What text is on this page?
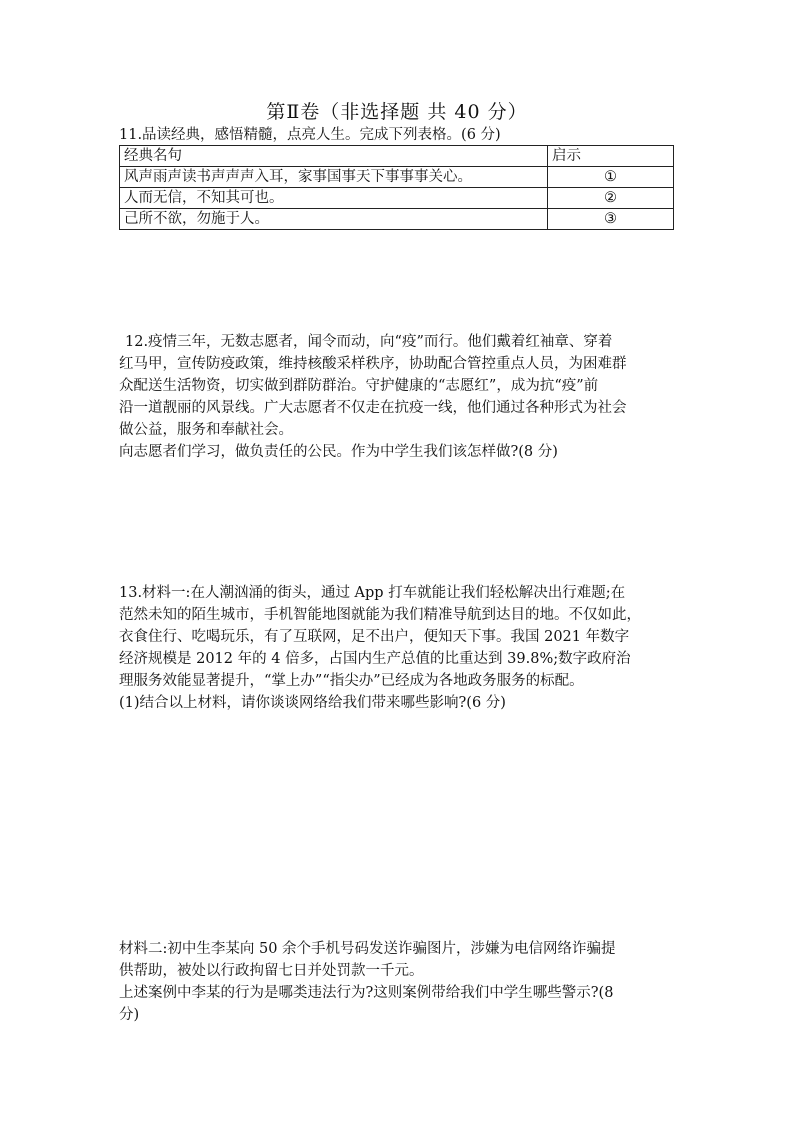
第Ⅱ卷（非选择题 共 40 分）
11.品读经典，感悟精髓，点亮人生。完成下列表格。(6 分)
经典名句	启示
风声雨声读书声声声入耳，家事国事天下事事事关心。	①
人而无信，不知其可也。	②
己所不欲，勿施于人。	③
12.疫情三年，无数志愿者，闻令而动，向“疫”而行。他们戴着红袖章、穿着
红马甲，宣传防疫政策，维持核酸采样秩序，协助配合管控重点人员，为困难群
众配送生活物资，切实做到群防群治。守护健康的“志愿红”，成为抗“疫”前
沿一道靓丽的风景线。广大志愿者不仅走在抗疫一线，他们通过各种形式为社会
做公益，服务和奉献社会。
向志愿者们学习，做负责任的公民。作为中学生我们该怎样做?(8 分)
13.材料一:在人潮汹涌的街头，通过 App 打车就能让我们轻松解决出行难题;在
范然未知的陌生城市，手机智能地图就能为我们精准导航到达目的地。不仅如此，
衣食住行、吃喝玩乐，有了互联网，足不出户，便知天下事。我国 2021 年数字
经济规模是 2012 年的 4 倍多，占国内生产总值的比重达到 39.8%;数字政府治
理服务效能显著提升，“掌上办”“指尖办”已经成为各地政务服务的标配。
(1)结合以上材料，请你谈谈网络给我们带来哪些影响?(6 分)
材料二:初中生李某向 50 余个手机号码发送诈骗图片，涉嫌为电信网络诈骗提
供帮助，被处以行政拘留七日并处罚款一千元。
上述案例中李某的行为是哪类违法行为?这则案例带给我们中学生哪些警示?(8
分)
